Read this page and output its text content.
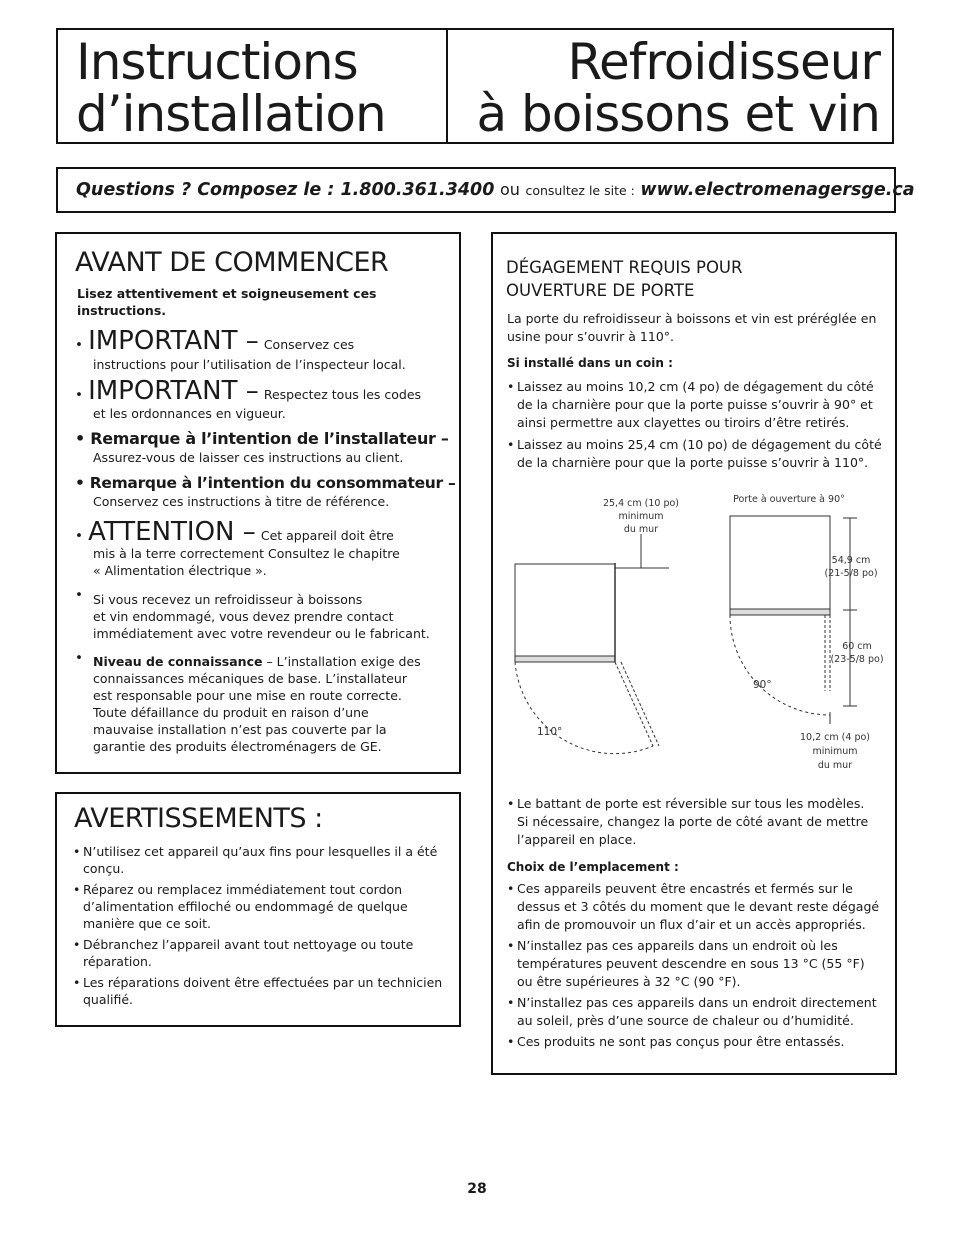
Instructions
d’installation
Refroidisseur
à boissons et vin
Questions ? Composez le : 1.800.361.3400 ou consultez le site : www.electromenagersge.ca
AVANT DE COMMENCER
Lisez attentivement et soigneusement ces instructions.
• IMPORTANT – Conservez ces
instructions pour l’utilisation de l’inspecteur local.
• IMPORTANT – Respectez tous les codes
et les ordonnances en vigueur.
• Remarque à l’intention de l’installateur –
Assurez-vous de laisser ces instructions au client.
• Remarque à l’intention du consommateur –
Conservez ces instructions à titre de référence.
• ATTENTION – Cet appareil doit être
mis à la terre correctement Consultez le chapitre
« Alimentation électrique ».
• Si vous recevez un refroidisseur à boissons
et vin endommagé, vous devez prendre contact
immédiatement avec votre revendeur ou le fabricant.
• Niveau de connaissance – L’installation exige des
connaissances mécaniques de base. L’installateur
est responsable pour une mise en route correcte.
Toute défaillance du produit en raison d’une
mauvaise installation n’est pas couverte par la
garantie des produits électroménagers de GE.
AVERTISSEMENTS :
• N’utilisez cet appareil qu’aux fins pour lesquelles il a été
conçu.
• Réparez ou remplacez immédiatement tout cordon
d’alimentation effiloché ou endommagé de quelque
manière que ce soit.
• Débranchez l’appareil avant tout nettoyage ou toute
réparation.
• Les réparations doivent être effectuées par un technicien
qualifié.
DÉGAGEMENT REQUIS POUR
OUVERTURE DE PORTE
La porte du refroidisseur à boissons et vin est préréglée en
usine pour s’ouvrir à 110°.
Si installé dans un coin :
• Laissez au moins 10,2 cm (4 po) de dégagement du côté
de la charnière pour que la porte puisse s’ouvrir à 90° et
ainsi permettre aux clayettes ou tiroirs d’être retirés.
• Laissez au moins 25,4 cm (10 po) de dégagement du côté
de la charnière pour que la porte puisse s’ouvrir à 110°.
25,4 cm (10 po)
minimum
du mur
110°
Porte à ouverture à 90°
54,9 cm
(21-5/8 po)
60 cm
(23-5/8 po)
90°
10,2 cm (4 po)
minimum
du mur
• Le battant de porte est réversible sur tous les modèles.
Si nécessaire, changez la porte de côté avant de mettre
l’appareil en place.
Choix de l’emplacement :
• Ces appareils peuvent être encastrés et fermés sur le
dessus et 3 côtés du moment que le devant reste dégagé
afin de promouvoir un flux d’air et un accès appropriés.
• N’installez pas ces appareils dans un endroit où les
températures peuvent descendre en sous 13 °C (55 °F)
ou être supérieures à 32 °C (90 °F).
• N’installez pas ces appareils dans un endroit directement
au soleil, près d’une source de chaleur ou d’humidité.
• Ces produits ne sont pas conçus pour être entassés.
28
